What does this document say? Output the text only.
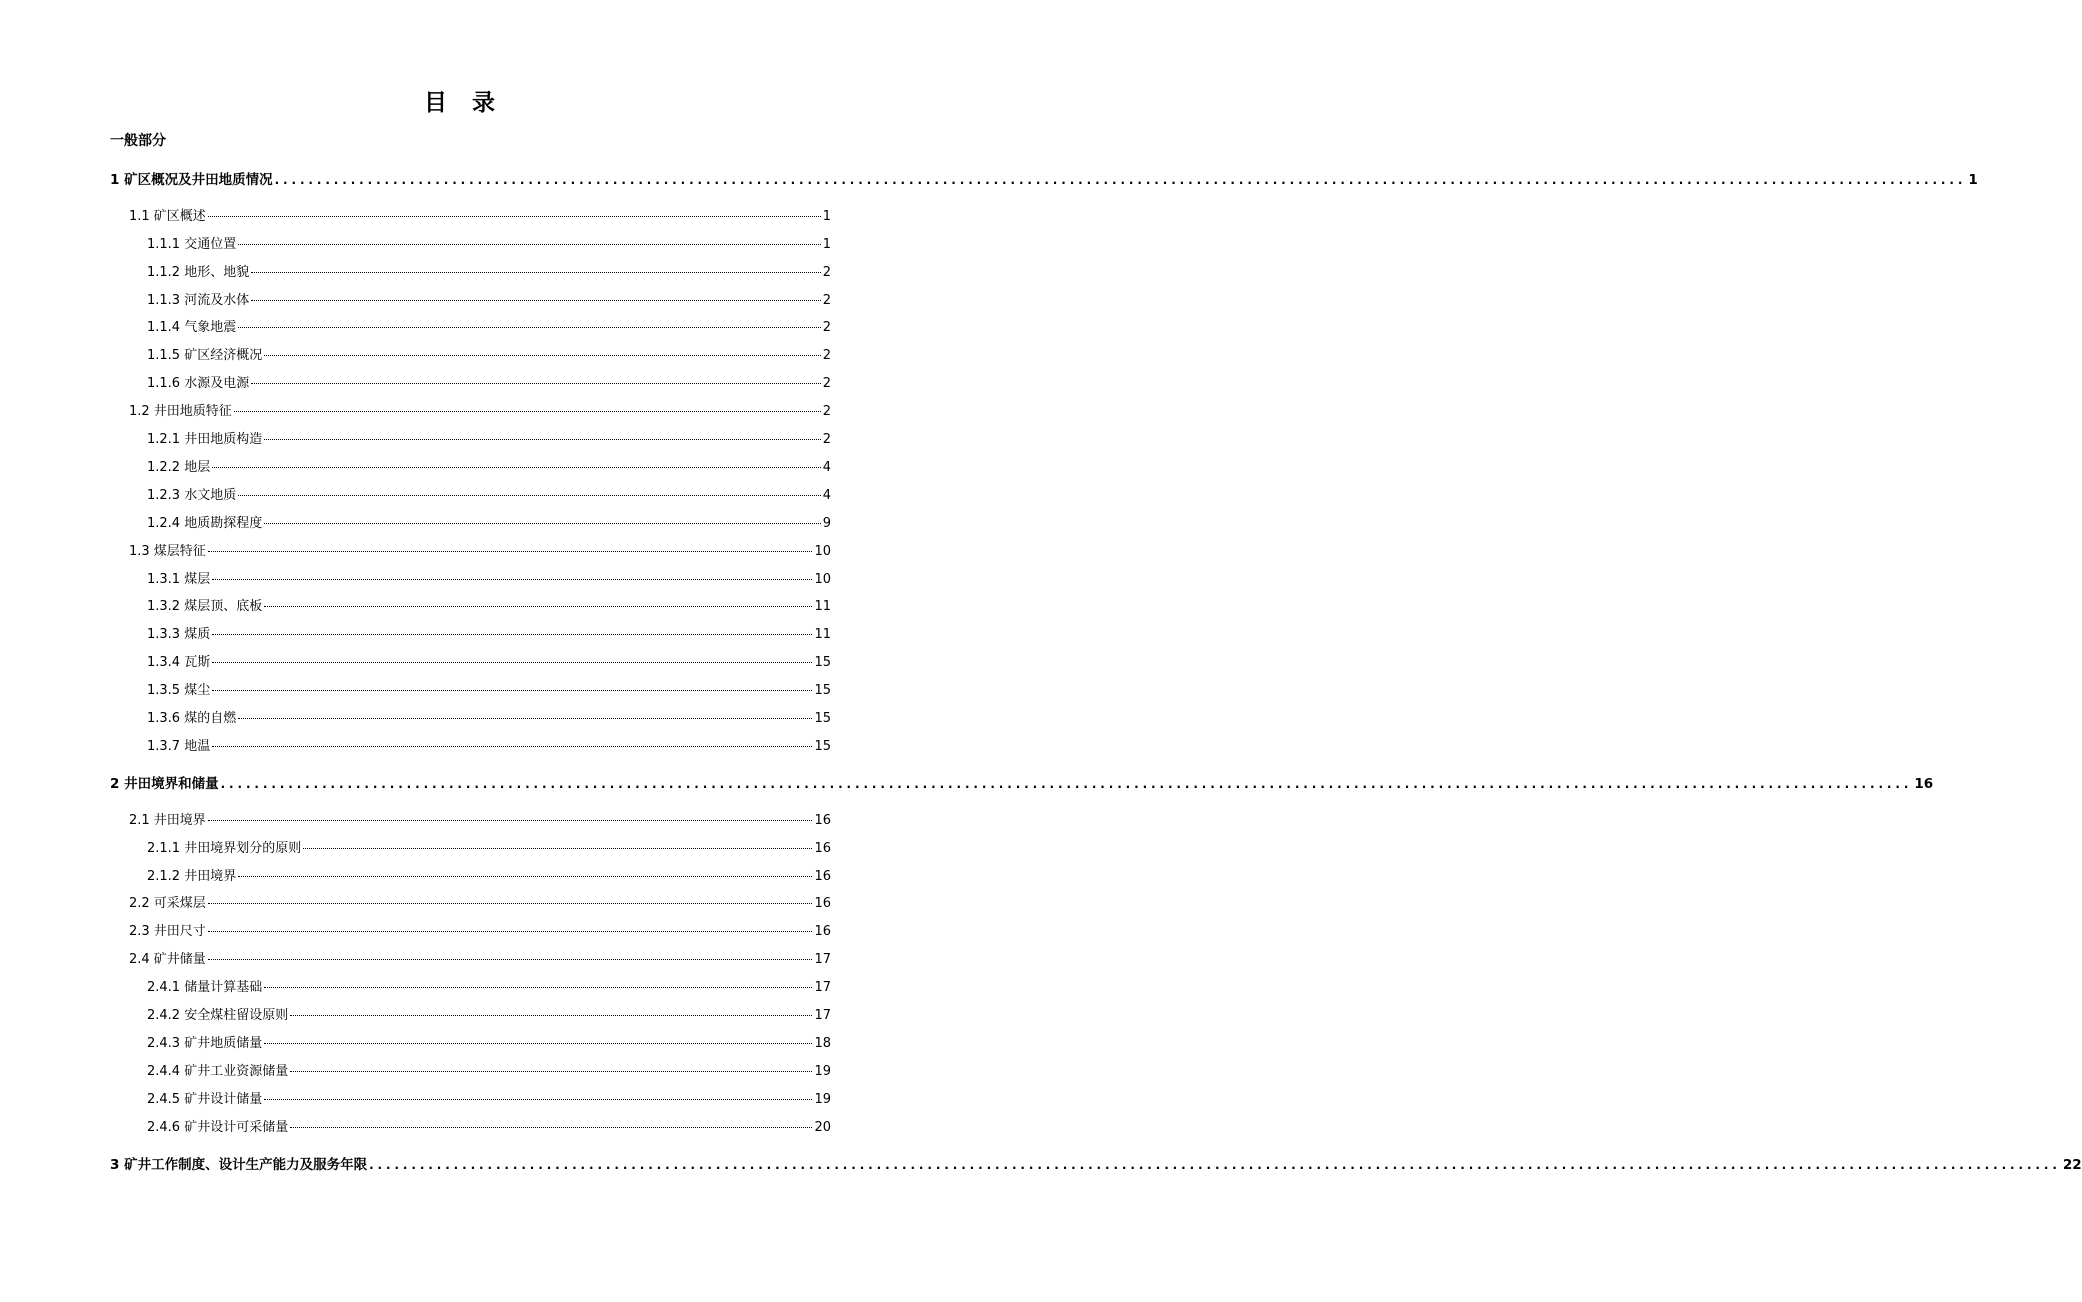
目　录
一般部分
1 矿区概况及井田地质情况 ........................................................................................................................................................................................................ 1
1.1 矿区概述	1
1.1.1 交通位置	1
1.1.2 地形、地貌	2
1.1.3 河流及水体	2
1.1.4 气象地震	2
1.1.5 矿区经济概况	2
1.1.6 水源及电源	2
1.2 井田地质特征	2
1.2.1 井田地质构造	2
1.2.2 地层	4
1.2.3 水文地质	4
1.2.4 地质勘探程度	9
1.3 煤层特征	10
1.3.1 煤层	10
1.3.2 煤层顶、底板	11
1.3.3 煤质	11
1.3.4 瓦斯	15
1.3.5 煤尘	15
1.3.6 煤的自燃	15
1.3.7 地温	15
2 井田境界和储量 ........................................................................................................................................................................................................ 16
2.1 井田境界	16
2.1.1 井田境界划分的原则	16
2.1.2 井田境界	16
2.2 可采煤层	16
2.3 井田尺寸	16
2.4 矿井储量	17
2.4.1 储量计算基础	17
2.4.2 安全煤柱留设原则	17
2.4.3 矿井地质储量	18
2.4.4 矿井工业资源储量	19
2.4.5 矿井设计储量	19
2.4.6 矿井设计可采储量	20
3 矿井工作制度、设计生产能力及服务年限 ........................................................................................................................................................................................................ 22
